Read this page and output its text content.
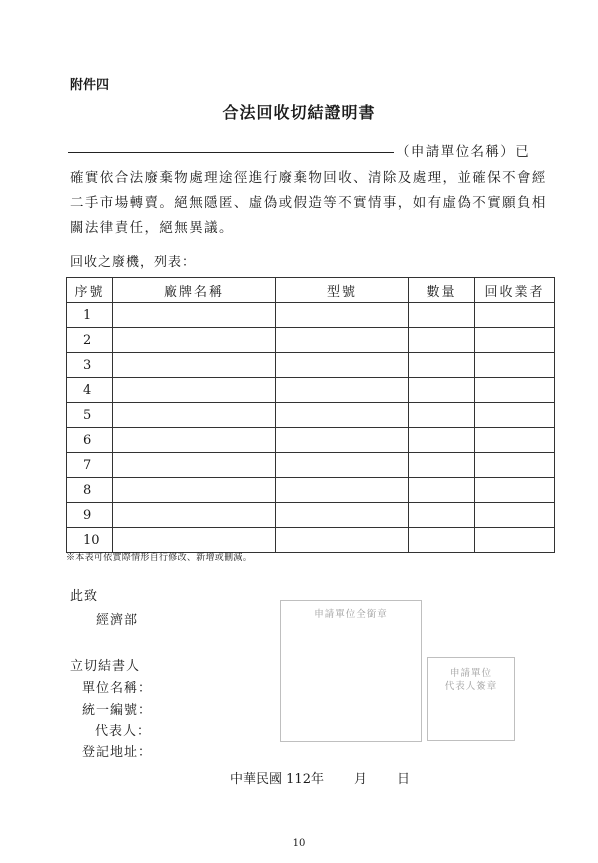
附件四
合法回收切結證明書
（申請單位名稱）已
確實依合法廢棄物處理途徑進行廢棄物回收、清除及處理，並確保不會經
二手市場轉賣。絕無隱匿、虛偽或假造等不實情事，如有虛偽不實願負相
關法律責任，絕無異議。
回收之廢機，列表：
序號	廠牌名稱	型號	數量	回收業者
1				
2				
3				
4				
5				
6				
7				
8				
9				
10				
※本表可依實際情形自行修改、新增或刪減。
此致
經濟部
立切結書人
單位名稱：
統一編號：
代表人：
登記地址：
申請單位全銜章
申請單位
代表人簽章
中華民國 112年 月 日
10
